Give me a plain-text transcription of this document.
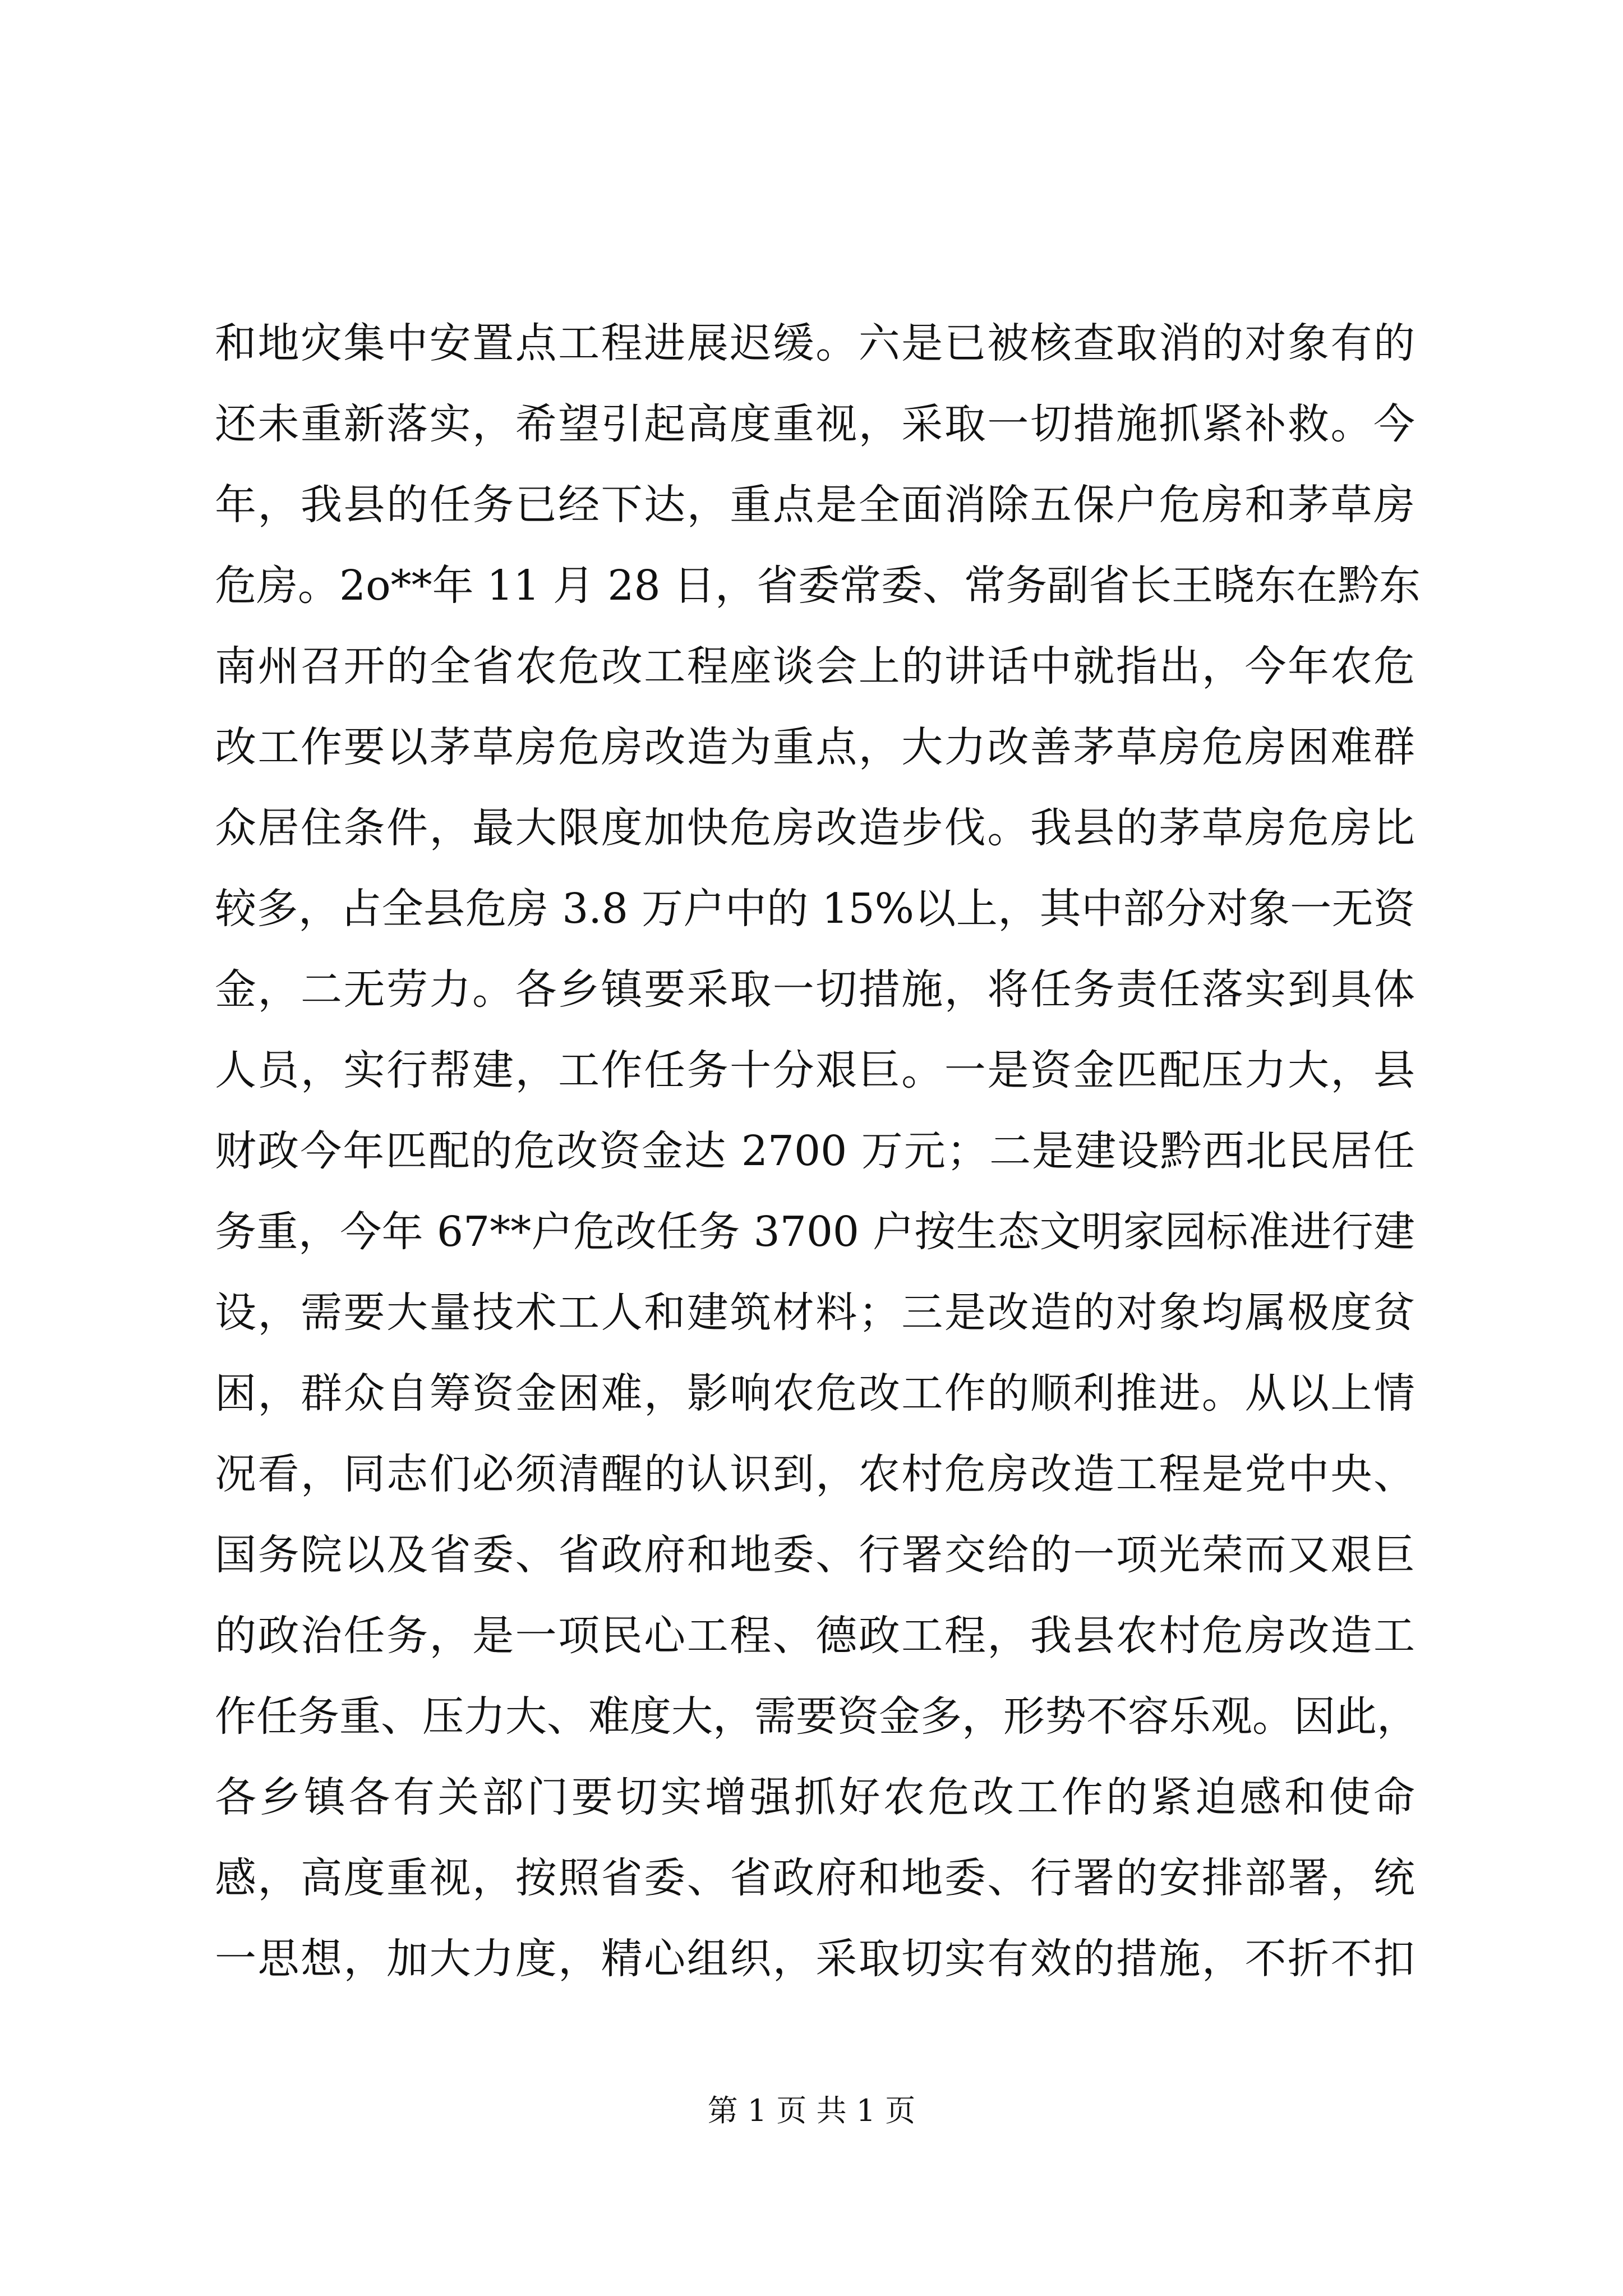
和地灾集中安置点工程进展迟缓。六是已被核查取消的对象有的
还未重新落实，希望引起高度重视，采取一切措施抓紧补救。今
年，我县的任务已经下达，重点是全面消除五保户危房和茅草房
危房。2o**年 11 月 28 日，省委常委、常务副省长王晓东在黔东
南州召开的全省农危改工程座谈会上的讲话中就指出，今年农危
改工作要以茅草房危房改造为重点，大力改善茅草房危房困难群
众居住条件，最大限度加快危房改造步伐。我县的茅草房危房比
较多，占全县危房 3.8 万户中的 15%以上，其中部分对象一无资
金，二无劳力。各乡镇要采取一切措施，将任务责任落实到具体
人员，实行帮建，工作任务十分艰巨。一是资金匹配压力大，县
财政今年匹配的危改资金达 2700 万元；二是建设黔西北民居任
务重，今年 67**户危改任务 3700 户按生态文明家园标准进行建
设，需要大量技术工人和建筑材料；三是改造的对象均属极度贫
困，群众自筹资金困难，影响农危改工作的顺利推进。从以上情
况看，同志们必须清醒的认识到，农村危房改造工程是党中央、
国务院以及省委、省政府和地委、行署交给的一项光荣而又艰巨
的政治任务，是一项民心工程、德政工程，我县农村危房改造工
作任务重、压力大、难度大，需要资金多，形势不容乐观。因此，
各乡镇各有关部门要切实增强抓好农危改工作的紧迫感和使命
感，高度重视，按照省委、省政府和地委、行署的安排部署，统
一思想，加大力度，精心组织，采取切实有效的措施，不折不扣
第 1 页 共 1 页
